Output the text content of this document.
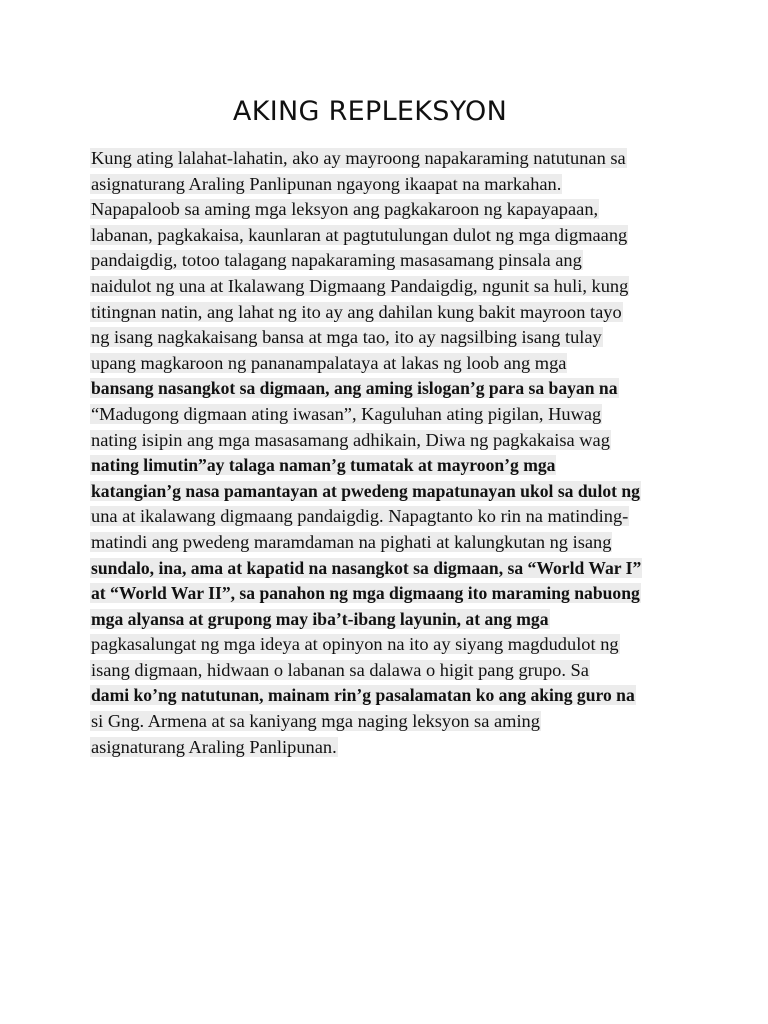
AKING REPLEKSYON
Kung ating lalahat-lahatin, ako ay mayroong napakaraming natutunan sa
asignaturang Araling Panlipunan ngayong ikaapat na markahan.
Napapaloob sa aming mga leksyon ang pagkakaroon ng kapayapaan,
labanan, pagkakaisa, kaunlaran at pagtutulungan dulot ng mga digmaang
pandaigdig, totoo talagang napakaraming masasamang pinsala ang
naidulot ng una at Ikalawang Digmaang Pandaigdig, ngunit sa huli, kung
titingnan natin, ang lahat ng ito ay ang dahilan kung bakit mayroon tayo
ng isang nagkakaisang bansa at mga tao, ito ay nagsilbing isang tulay
upang magkaroon ng pananampalataya at lakas ng loob ang mga
bansang nasangkot sa digmaan, ang aming islogan’g para sa bayan na
“Madugong digmaan ating iwasan”, Kaguluhan ating pigilan, Huwag
nating isipin ang mga masasamang adhikain, Diwa ng pagkakaisa wag
nating limutin”ay talaga naman’g tumatak at mayroon’g mga
katangian’g nasa pamantayan at pwedeng mapatunayan ukol sa dulot ng
una at ikalawang digmaang pandaigdig. Napagtanto ko rin na matinding-
matindi ang pwedeng maramdaman na pighati at kalungkutan ng isang
sundalo, ina, ama at kapatid na nasangkot sa digmaan, sa “World War I”
at “World War II”, sa panahon ng mga digmaang ito maraming nabuong
mga alyansa at grupong may iba’t-ibang layunin, at ang mga
pagkasalungat ng mga ideya at opinyon na ito ay siyang magdudulot ng
isang digmaan, hidwaan o labanan sa dalawa o higit pang grupo. Sa
dami ko’ng natutunan, mainam rin’g pasalamatan ko ang aking guro na
si Gng. Armena at sa kaniyang mga naging leksyon sa aming
asignaturang Araling Panlipunan.
